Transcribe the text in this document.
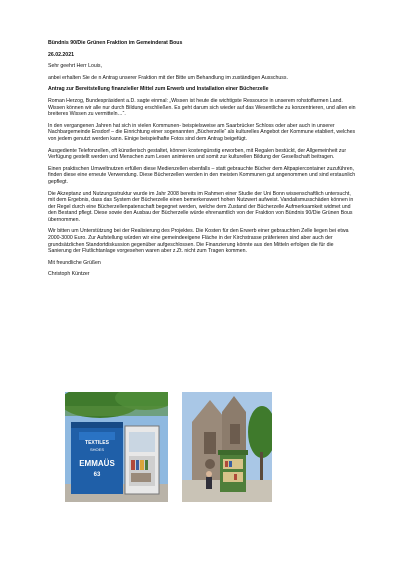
Bündnis 90/Die Grünen Fraktion im Gemeinderat Bous

26.02.2021

Sehr geehrt Herr Louis,

anbei erhalten Sie de n Antrag unserer Fraktion mit der Bitte um Behandlung im zuständigen Ausschuss.

Antrag zur Bereitstellung finanzieller Mittel zum Erwerb und Installation einer Bücherzelle

Roman Herzog, Bundespräsident a.D. sagte einmal: „Wissen ist heute die wichtigste Ressource in unserem rohstoffarmen Land. Wissen können wir alle nur durch Bildung erschließen. Es geht darum sich wieder auf das Wesentliche zu konzentrieren, und allen ein breiteres Wissen zu vermitteln…“.

In den vergangenen Jahren hat sich in vielen Kommunen- beispielsweise am Saarbrücker Schloss oder aber auch in unserer Nachbargemeinde Ensdorf – die Einrichtung einer sogenannten „Bücherzelle“ als kulturelles Angebot der Kommune etabliert, welches von jedem genutzt werden kann. Einige beispielhafte Fotos sind dem Antrag beigefügt.

Ausgediente Telefonzellen, oft künstlerisch gestaltet, können kostengünstig erworben, mit Regalen bestückt, der Allgemeinheit zur Verfügung gestellt werden und Menschen zum Lesen animieren und somit zur kulturellen Bildung der Gesellschaft beitragen.

Einen praktischen Umweltnutzen erfüllen diese Medienzellen ebenfalls – statt gebrauchte Bücher dem Altpapiercontainer zuzuführen, finden diese eine erneute Verwendung. Diese Bücherzellen werden in den meisten Kommunen gut angenommen und sind erstaunlich gepflegt.

Die Akzeptanz und Nutzungsstruktur wurde im Jahr 2008 bereits im Rahmen einer Studie der Uni Bonn wissenschaftlich untersucht, mit dem Ergebnis, dass das System der Bücherzelle einen bemerkenswert hohen Nutzwert aufweist. Vandalismusschäden können in der Regel durch eine Bücherzellenpatenschaft begegnet werden, welche dem Zustand der Bücherzelle Aufmerksamkeit widmet und den Bestand pflegt. Diese sowie den Ausbau der Bücherzelle würde ehrenamtlich von der Fraktion von Bündnis 90/Die Grünen Bous übernommen.

Wir bitten um Unterstützung bei der Realisierung des Projektes. Die Kosten für den Erwerb einer gebrauchten Zelle liegen bei etwa 2000-3000 Euro. Zur Aufstellung würden wir eine gemeindeeigene Fläche in der Kirchstrasse präferieren sind aber auch der grundsätzlichen Standortdiskussion gegenüber aufgeschlossen. Die Finanzierung könnte aus den Mitteln erfolgen die für die Sanierung der Flutlichtanlage vorgesehen waren aber z.Zt. nicht zum Tragen kommen.

Mit freundliche Grüßen

Christoph Küntzer

TEXTILES
SHOES
EMMAÜS
63
